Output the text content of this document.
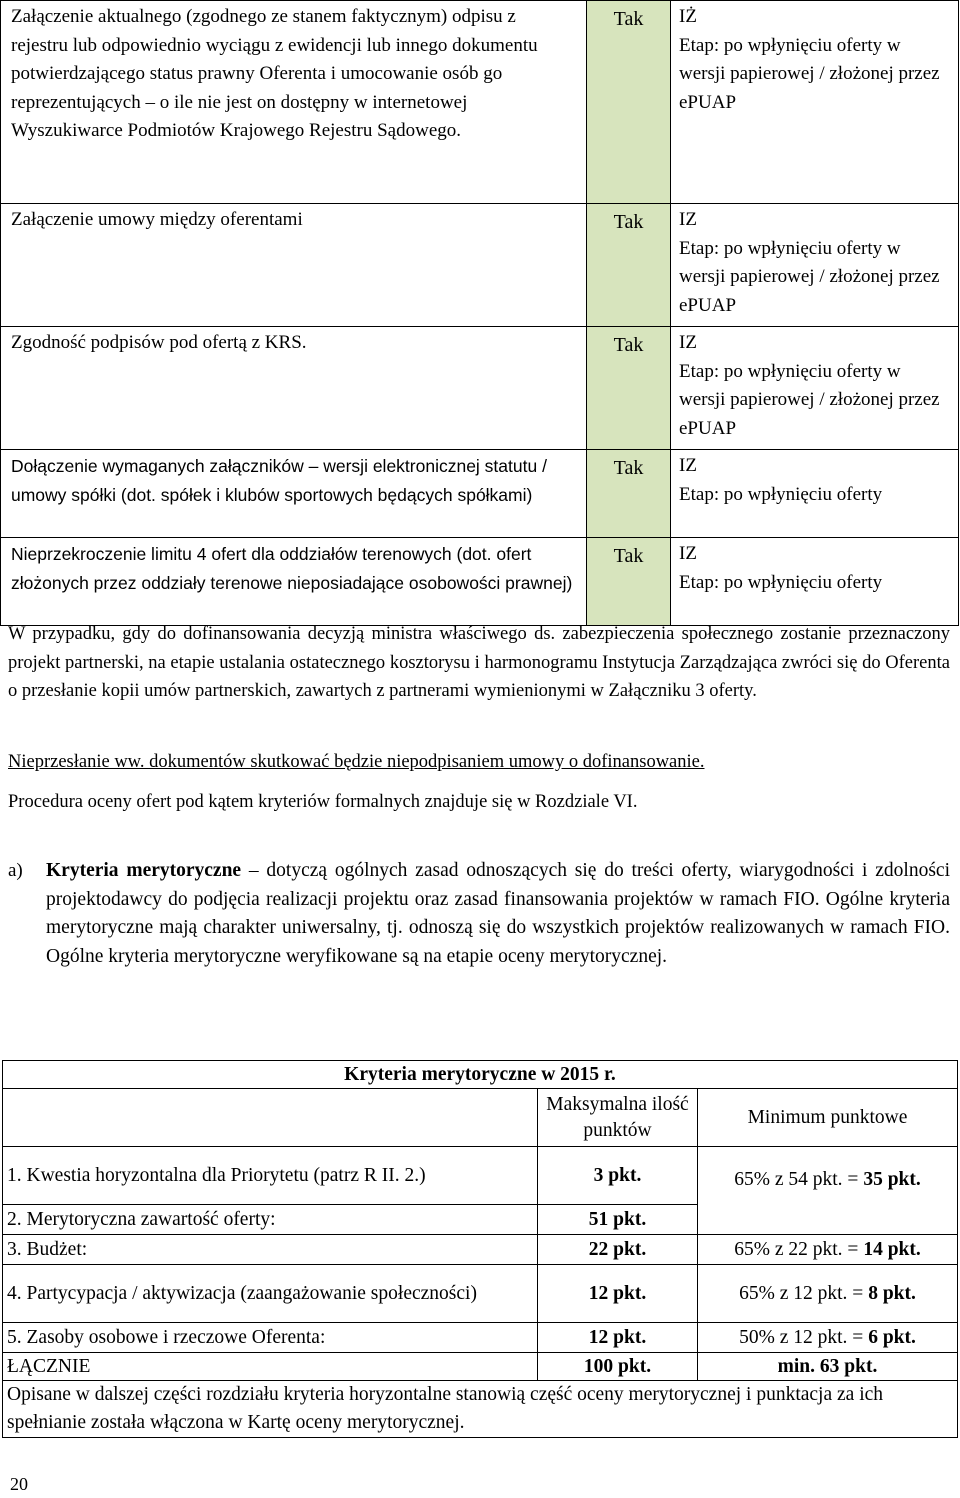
Załączenie aktualnego (zgodnego ze stanem faktycznym) odpisu z rejestru lub odpowiednio wyciągu z ewidencji lub innego dokumentu potwierdzającego status prawny Oferenta i umocowanie osób go reprezentujących – o ile nie jest on dostępny w internetowej Wyszukiwarce Podmiotów Krajowego Rejestru Sądowego.	Tak	IŻ
Etap: po wpłynięciu oferty w wersji papierowej / złożonej przez ePUAP

Załączenie umowy między oferentami	Tak	IZ
Etap: po wpłynięciu oferty w wersji papierowej / złożonej przez ePUAP

Zgodność podpisów pod ofertą z KRS.	Tak	IZ
Etap: po wpłynięciu oferty w wersji papierowej / złożonej przez ePUAP

Dołączenie wymaganych załączników – wersji elektronicznej statutu / umowy spółki (dot. spółek i klubów sportowych będących spółkami)	Tak	IZ
Etap: po wpłynięciu oferty

Nieprzekroczenie limitu 4 ofert dla oddziałów terenowych (dot. ofert złożonych przez oddziały terenowe nieposiadające osobowości prawnej)	Tak	IZ
Etap: po wpłynięciu oferty
W przypadku, gdy do dofinansowania decyzją ministra właściwego ds. zabezpieczenia społecznego zostanie przeznaczony projekt partnerski, na etapie ustalania ostatecznego kosztorysu i harmonogramu Instytucja Zarządzająca zwróci się do Oferenta o przesłanie kopii umów partnerskich, zawartych z partnerami wymienionymi w Załączniku 3 oferty.
Nieprzesłanie ww. dokumentów skutkować będzie niepodpisaniem umowy o dofinansowanie.
Procedura oceny ofert pod kątem kryteriów formalnych znajduje się w Rozdziale VI.
a) Kryteria merytoryczne – dotyczą ogólnych zasad odnoszących się do treści oferty, wiarygodności i zdolności projektodawcy do podjęcia realizacji projektu oraz zasad finansowania projektów w ramach FIO. Ogólne kryteria merytoryczne mają charakter uniwersalny, tj. odnoszą się do wszystkich projektów realizowanych w ramach FIO. Ogólne kryteria merytoryczne weryfikowane są na etapie oceny merytorycznej.
Kryteria merytoryczne w 2015 r.		
	Maksymalna ilość punktów	Minimum punktowe
1. Kwestia horyzontalna dla Priorytetu (patrz R II. 2.)	3 pkt.	65% z 54 pkt. = 35 pkt.
2. Merytoryczna zawartość oferty:	51 pkt.	
3. Budżet:	22 pkt.	65% z 22 pkt. = 14 pkt.
4. Partycypacja / aktywizacja (zaangażowanie społeczności)	12 pkt.	65% z 12 pkt. = 8 pkt.
5. Zasoby osobowe i rzeczowe Oferenta:	12 pkt.	50% z 12 pkt. = 6 pkt.
ŁĄCZNIE	100 pkt.	min. 63 pkt.
Opisane w dalszej części rozdziału kryteria horyzontalne stanowią część oceny merytorycznej i punktacja za ich spełnianie została włączona w Kartę oceny merytorycznej.		
20
